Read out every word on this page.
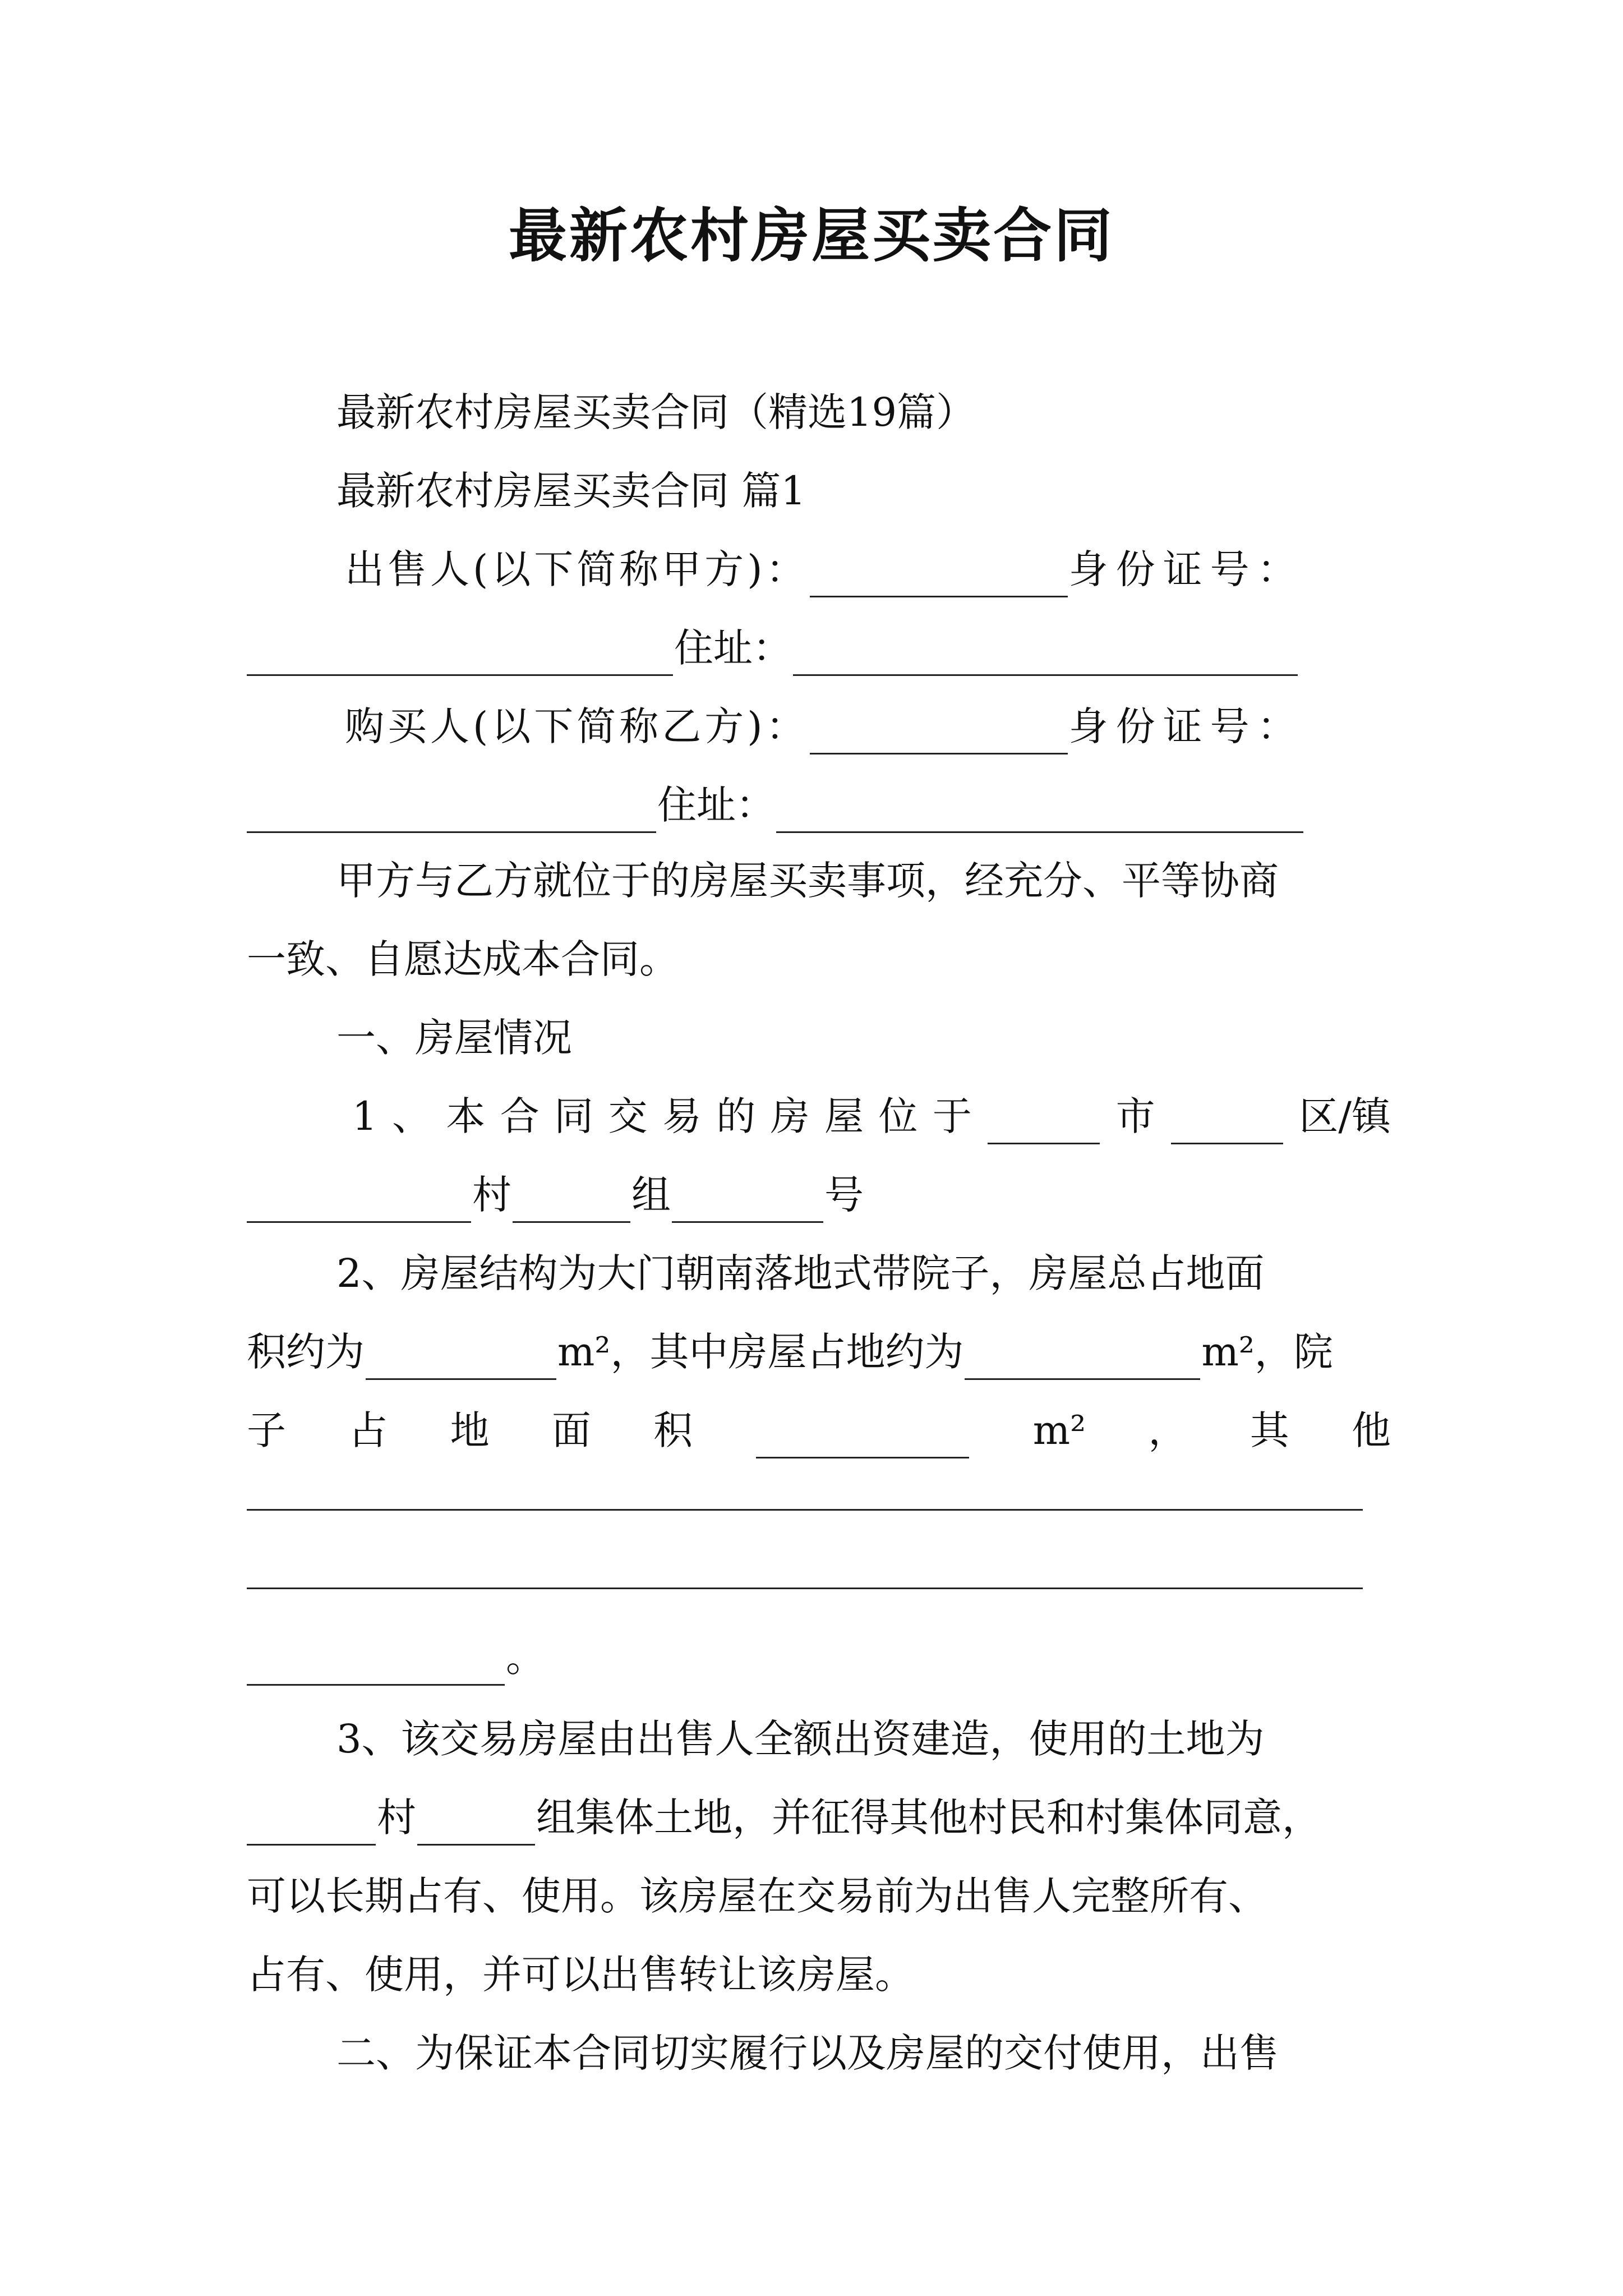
最新农村房屋买卖合同
最新农村房屋买卖合同（精选19篇）
最新农村房屋买卖合同 篇1
出售人(以下简称甲方)：	身份证号：
住址：
购买人(以下简称乙方)：	身份证号：
住址：
甲方与乙方就位于的房屋买卖事项，经充分、平等协商
一致、自愿达成本合同。
一、房屋情况
1 、 本 合 同 交 易 的 房 屋 位 于	市	区/镇
村	组	号
2、房屋结构为大门朝南落地式带院子，房屋总占地面
积约为	m²，其中房屋占地约为	m²，院
子 占 地 面 积	m² ， 其 他
。
3、该交易房屋由出售人全额出资建造，使用的土地为
村	组集体土地，并征得其他村民和村集体同意，
可以长期占有、使用。该房屋在交易前为出售人完整所有、
占有、使用，并可以出售转让该房屋。
二、为保证本合同切实履行以及房屋的交付使用，出售
